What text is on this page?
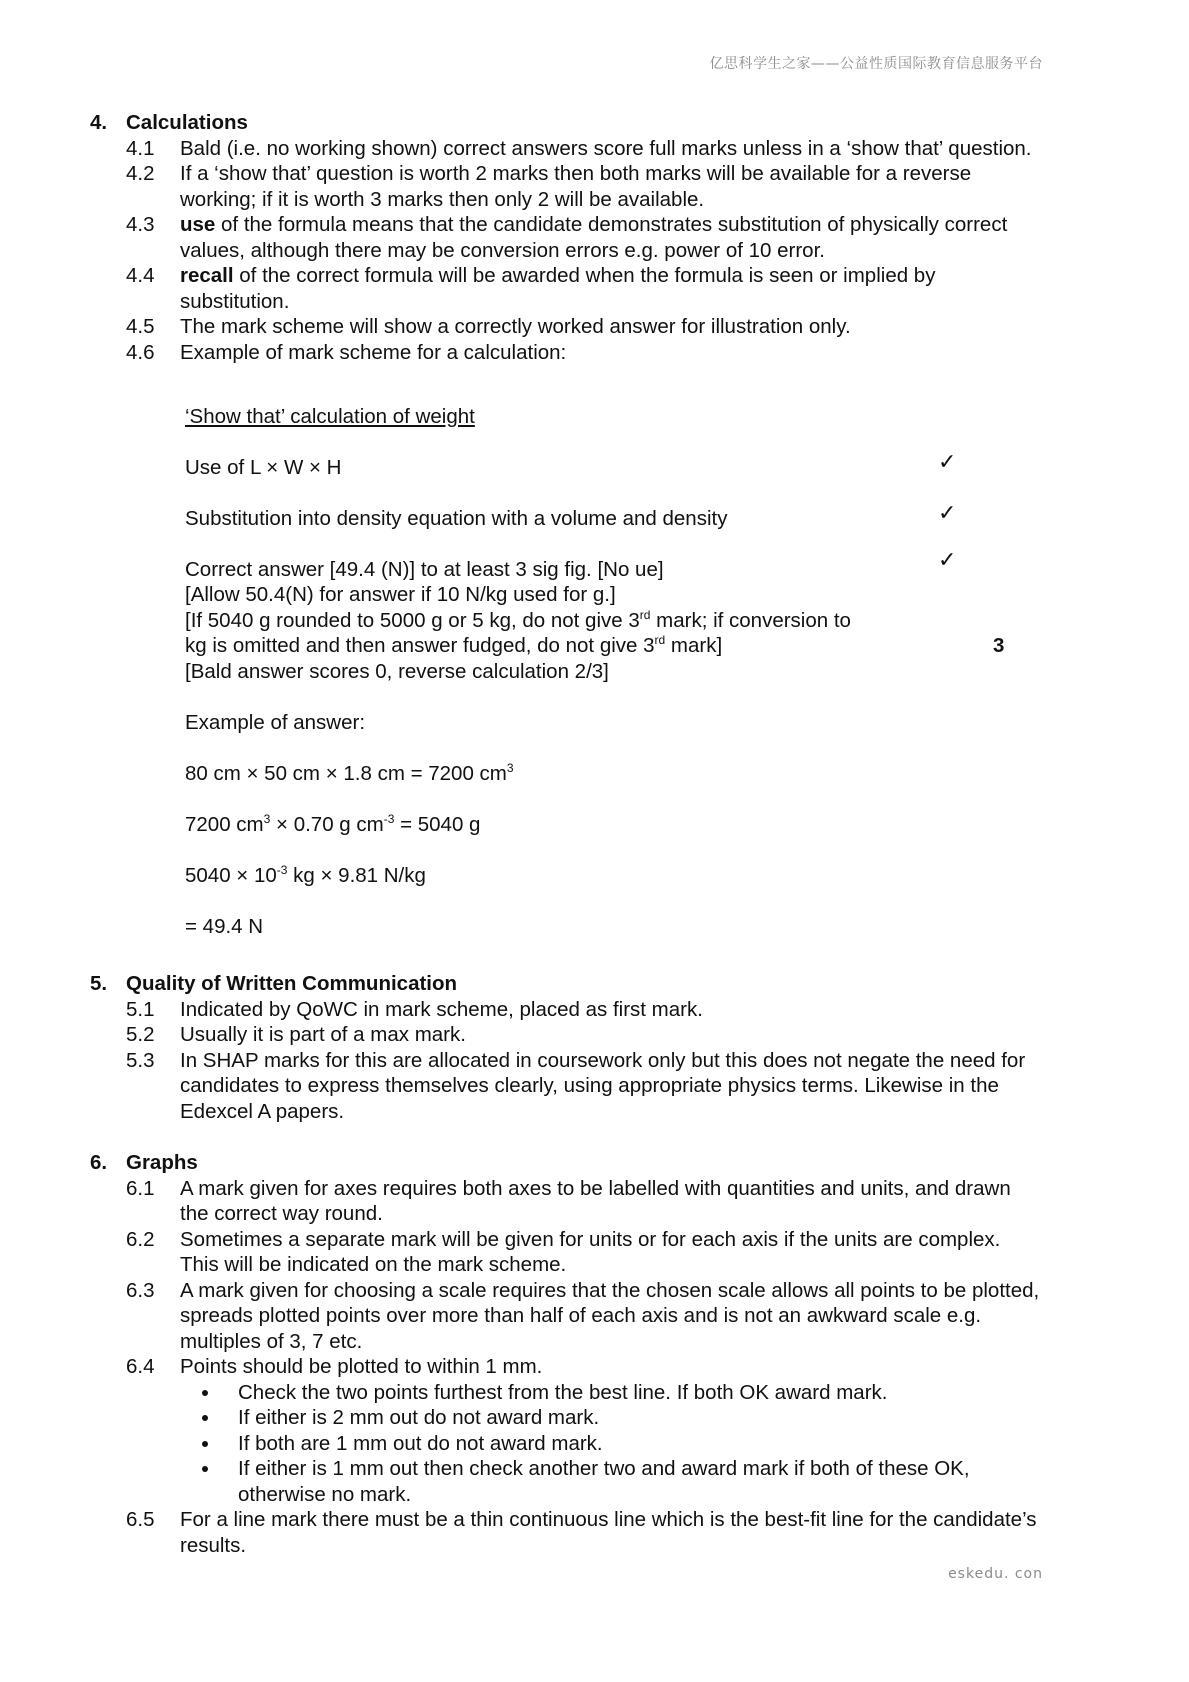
亿思科学生之家——公益性质国际教育信息服务平台

4. Calculations

4.1	Bald (i.e. no working shown) correct answers score full marks unless in a ‘show that’ question.
4.2	If a ‘show that’ question is worth 2 marks then both marks will be available for a reverse working; if it is worth 3 marks then only 2 will be available.
4.3	use of the formula means that the candidate demonstrates substitution of physically correct values, although there may be conversion errors e.g. power of 10 error.
4.4	recall of the correct formula will be awarded when the formula is seen or implied by substitution.
4.5	The mark scheme will show a correctly worked answer for illustration only.
4.6	Example of mark scheme for a calculation:
‘Show that’ calculation of weight
Use of L × W × H	✓
Substitution into density equation with a volume and density	✓
Correct answer [49.4 (N)] to at least 3 sig fig. [No ue]	✓
[Allow 50.4(N) for answer if 10 N/kg used for g.]
[If 5040 g rounded to 5000 g or 5 kg, do not give 3rd mark; if conversion to
kg is omitted and then answer fudged, do not give 3rd mark]	3
[Bald answer scores 0, reverse calculation 2/3]
Example of answer:
80 cm × 50 cm × 1.8 cm = 7200 $cm^3$
7200 $cm^3 \times 0.70$ g $cm^{-3} = 5040$ g
$5040 \times 10^{-3}$ kg × 9.81 N/kg
= 49.4 N

5. Quality of Written Communication

5.1	Indicated by QoWC in mark scheme, placed as first mark.
5.2	Usually it is part of a max mark.
5.3	In SHAP marks for this are allocated in coursework only but this does not negate the need for candidates to express themselves clearly, using appropriate physics terms. Likewise in the Edexcel A papers.

6. Graphs

6.1	A mark given for axes requires both axes to be labelled with quantities and units, and drawn the correct way round.
6.2	Sometimes a separate mark will be given for units or for each axis if the units are complex. This will be indicated on the mark scheme.
6.3	A mark given for choosing a scale requires that the chosen scale allows all points to be plotted, spreads plotted points over more than half of each axis and is not an awkward scale e.g. multiples of 3, 7 etc.
6.4	Points should be plotted to within 1 mm.
Check the two points furthest from the best line. If both OK award mark.
If either is 2 mm out do not award mark.
If both are 1 mm out do not award mark.
If either is 1 mm out then check another two and award mark if both of these OK, otherwise no mark.
6.5	For a line mark there must be a thin continuous line which is the best-fit line for the candidate’s results.
eskedu. con
